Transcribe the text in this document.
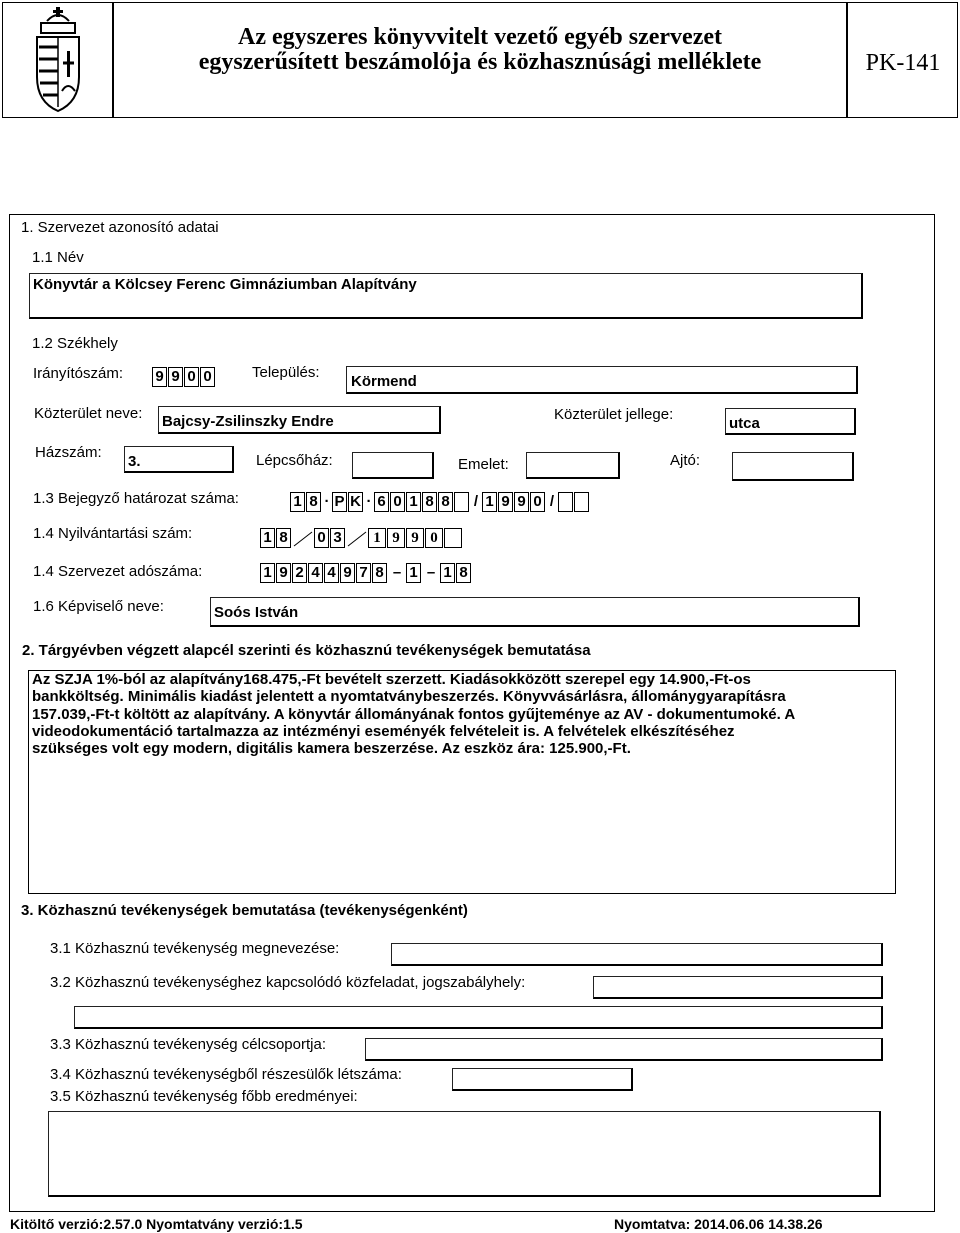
Az egyszeres könyvvitelt vezető egyéb szervezet
egyszerűsített beszámolója és közhasznúsági melléklete	PK-141
1. Szervezet azonosító adatai
1.1 Név
Könyvtár a Kölcsey Ferenc Gimnáziumban Alapítvány
1.2 Székhely
Irányítószám: 9 9 0 0	Település:
Körmend
Közterület neve: Bajcsy-Zsilinszky Endre	Közterület jellege:
utca
Házszám:
3.	Lépcsőház:	Emelet:	Ajtó:
1.3 Bejegyző határozat száma:	1 8 · P K · 6 0 1 8 8 / 1 9 9 0 /
1.4 Nyilvántartási szám:	1 8 0 3	1 9 9 0
1.4 Szervezet adószáma:	1 9 2 4 4 9 7 8 – 1 – 1 8
1.6 Képviselő neve:	Soós István
2. Tárgyévben végzett alapcél szerinti és közhasznú tevékenységek bemutatása
Az SZJA 1%-ból az alapítvány168.475,-Ft bevételt szerzett. Kiadásokközött szerepel egy 14.900,-Ft-os
bankköltség. Minimális kiadást jelentett a nyomtatványbeszerzés. Könyvvásárlásra, állománygyarapításra
157.039,-Ft-t költött az alapítvány. A könyvtár állományának fontos gyűjteménye az AV - dokumentumoké. A
videodokumentáció tartalmazza az intézményi eseményék felvételeit is. A felvételek elkészítéséhez
szükséges volt egy modern, digitális kamera beszerzése. Az eszköz ára: 125.900,-Ft.
3. Közhasznú tevékenységek bemutatása (tevékenységenként)
3.1 Közhasznú tevékenység megnevezése:
3.2 Közhasznú tevékenységhez kapcsolódó közfeladat, jogszabályhely:
3.3 Közhasznú tevékenység célcsoportja:
3.4 Közhasznú tevékenységből részesülők létszáma:
3.5 Közhasznú tevékenység főbb eredményei:
Kitöltő verzió:2.57.0 Nyomtatvány verzió:1.5	Nyomtatva: 2014.06.06 14.38.26
